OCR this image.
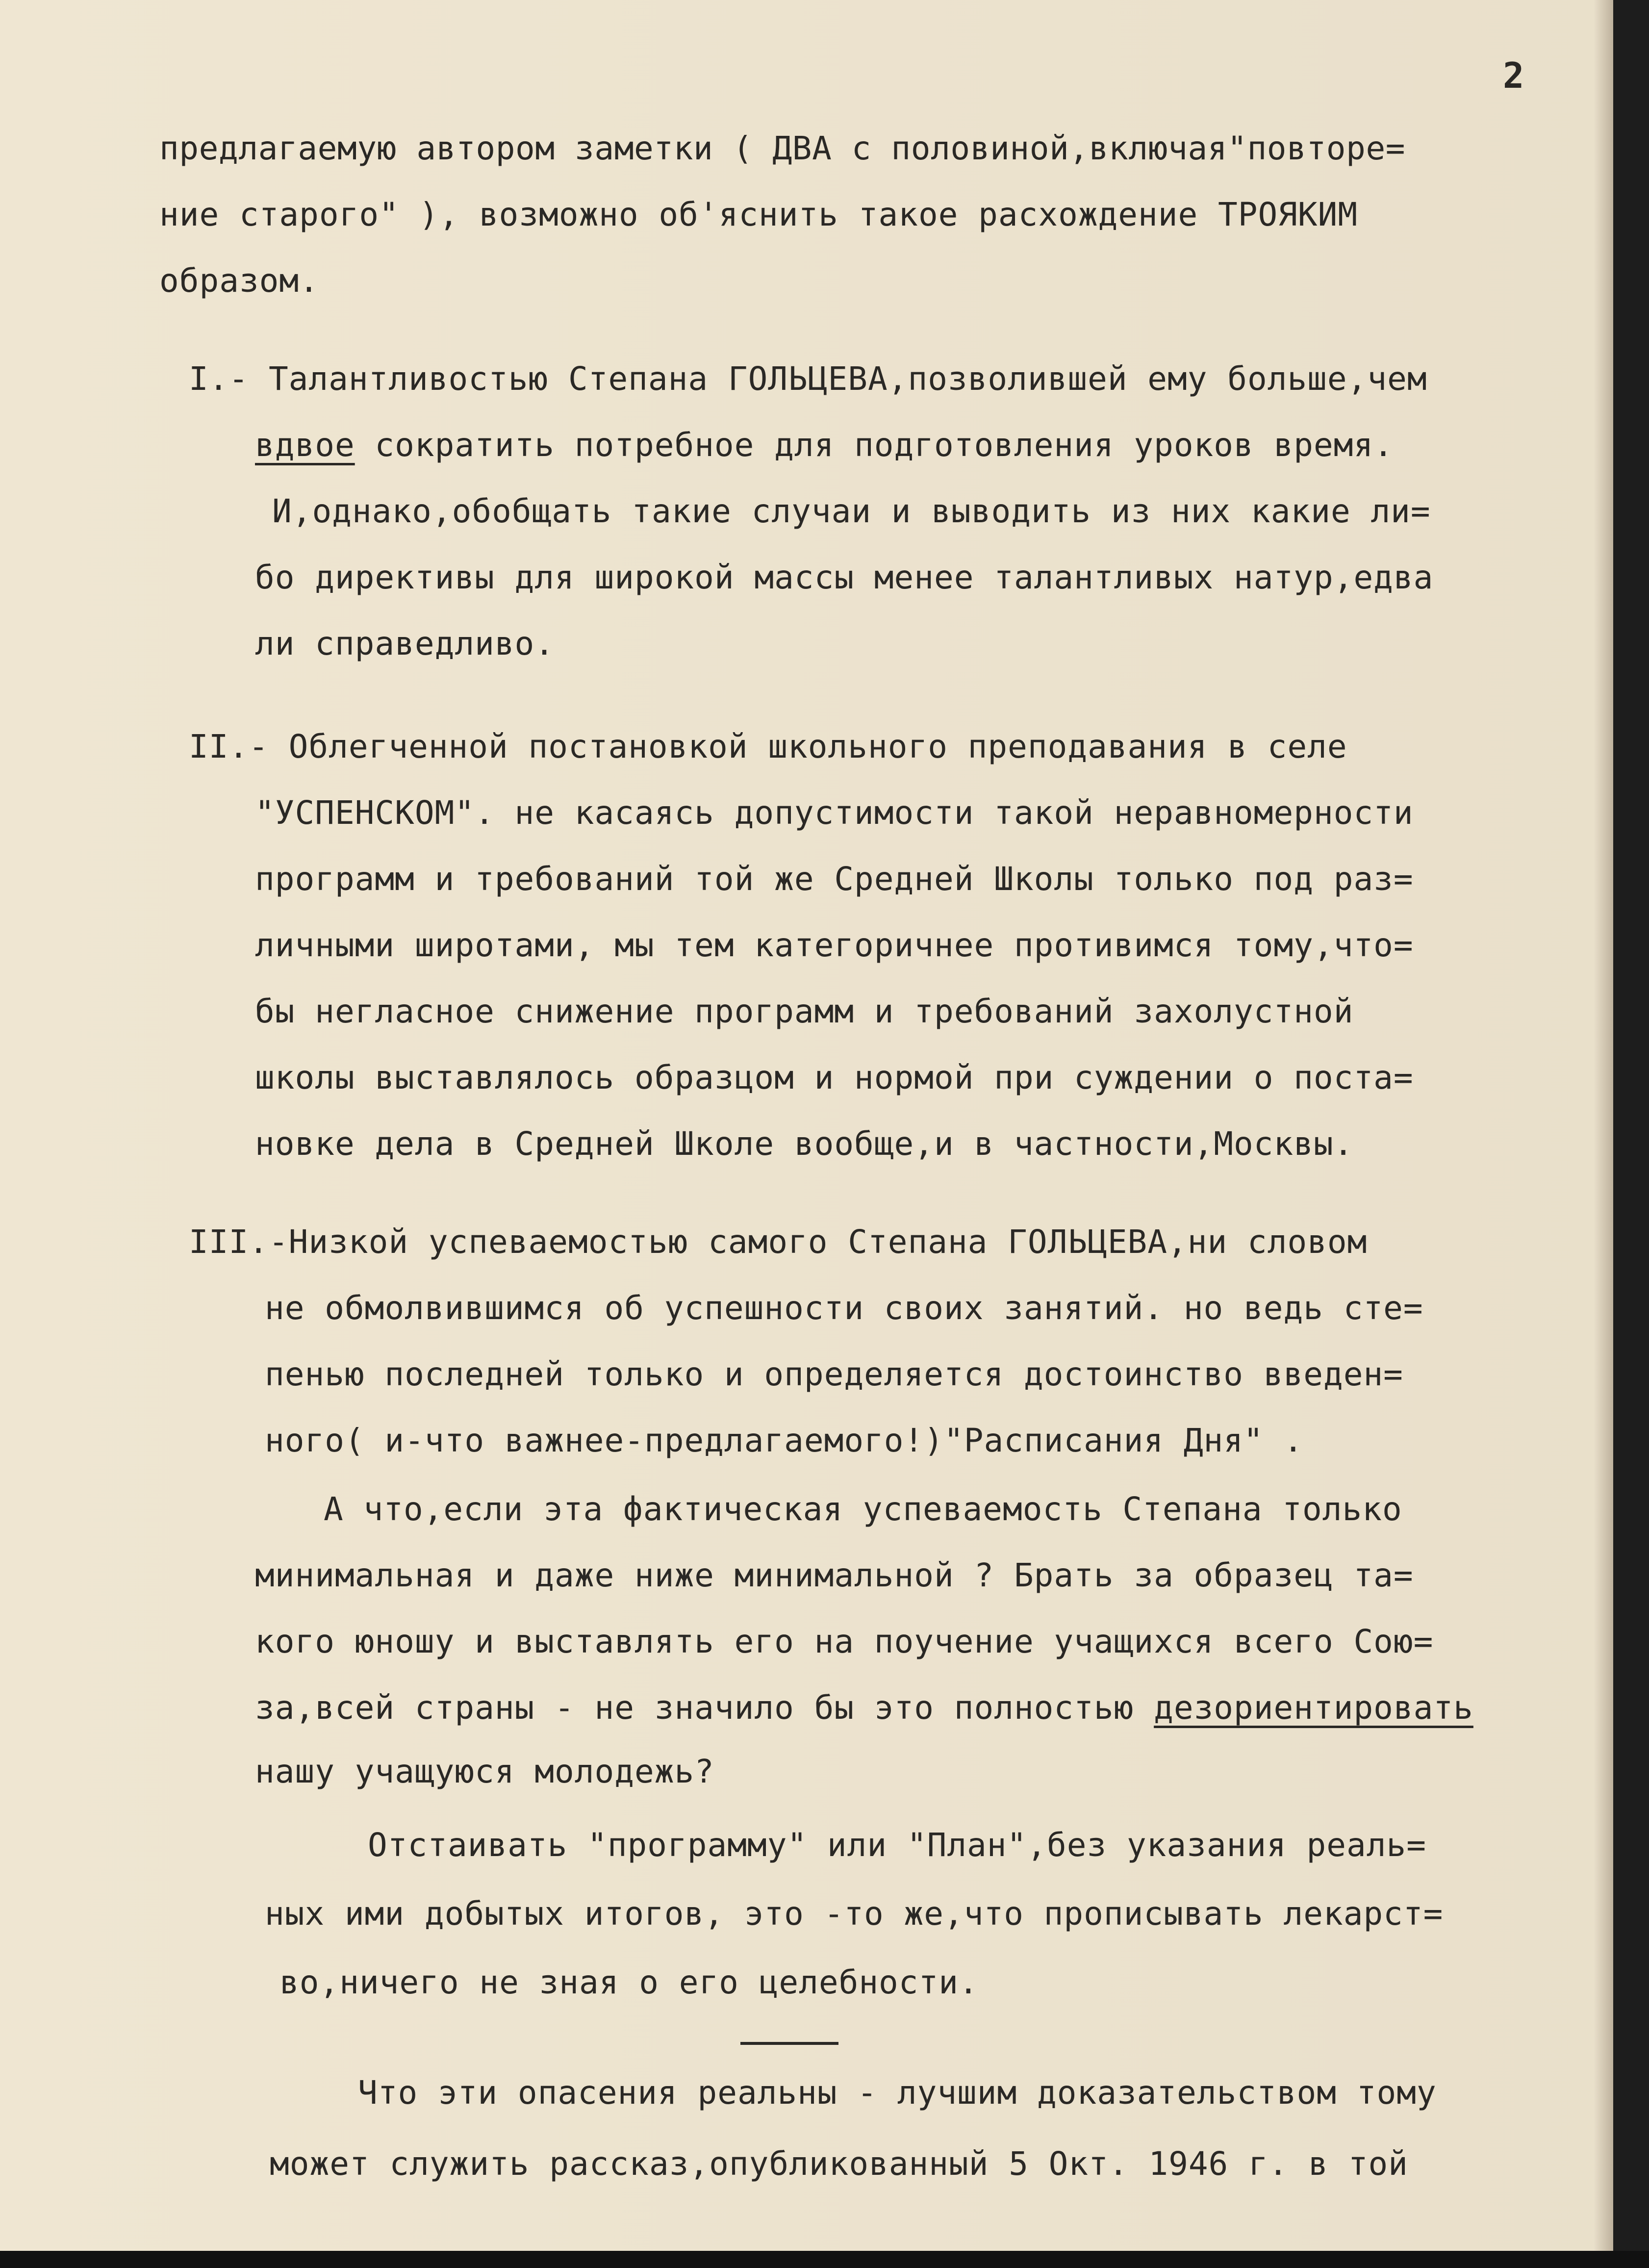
2
предлагаемую автором заметки ( ДВА с половиной,включая"повторе=
ние старого" ), возможно об'яснить такое расхождение ТРОЯКИМ
образом.
I.- Талантливостью Степана ГОЛЬЦЕВА,позволившей ему больше,чем
вдвое сократить потребное для подготовления уроков время.
И,однако,обобщать такие случаи и выводить из них какие ли=
бо директивы для широкой массы менее талантливых натур,едва
ли справедливо.
II.- Облегченной постановкой школьного преподавания в селе
"УСПЕНСКОМ". не касаясь допустимости такой неравномерности
программ и требований той же Средней Школы только под раз=
личными широтами, мы тем категоричнее противимся тому,что=
бы негласное снижение программ и требований захолустной
школы выставлялось образцом и нормой при суждении о поста=
новке дела в Средней Школе вообще,и в частности,Москвы.
III.-Низкой успеваемостью самого Степана ГОЛЬЦЕВА,ни словом
не обмолвившимся об успешности своих занятий. но ведь сте=
пенью последней только и определяется достоинство введен=
ного( и-что важнее-предлагаемого!)"Расписания Дня" .
А что,если эта фактическая успеваемость Степана только
минимальная и даже ниже минимальной ? Брать за образец та=
кого юношу и выставлять его на поучение учащихся всего Сою=
за,всей страны - не значило бы это полностью дезориентировать
нашу учащуюся молодежь?
Отстаивать "программу" или "План",без указания реаль=
ных ими добытых итогов, это -то же,что прописывать лекарст=
во,ничего не зная о его целебности.
Что эти опасения реальны - лучшим доказательством тому
может служить рассказ,опубликованный 5 Окт. 1946 г. в той
